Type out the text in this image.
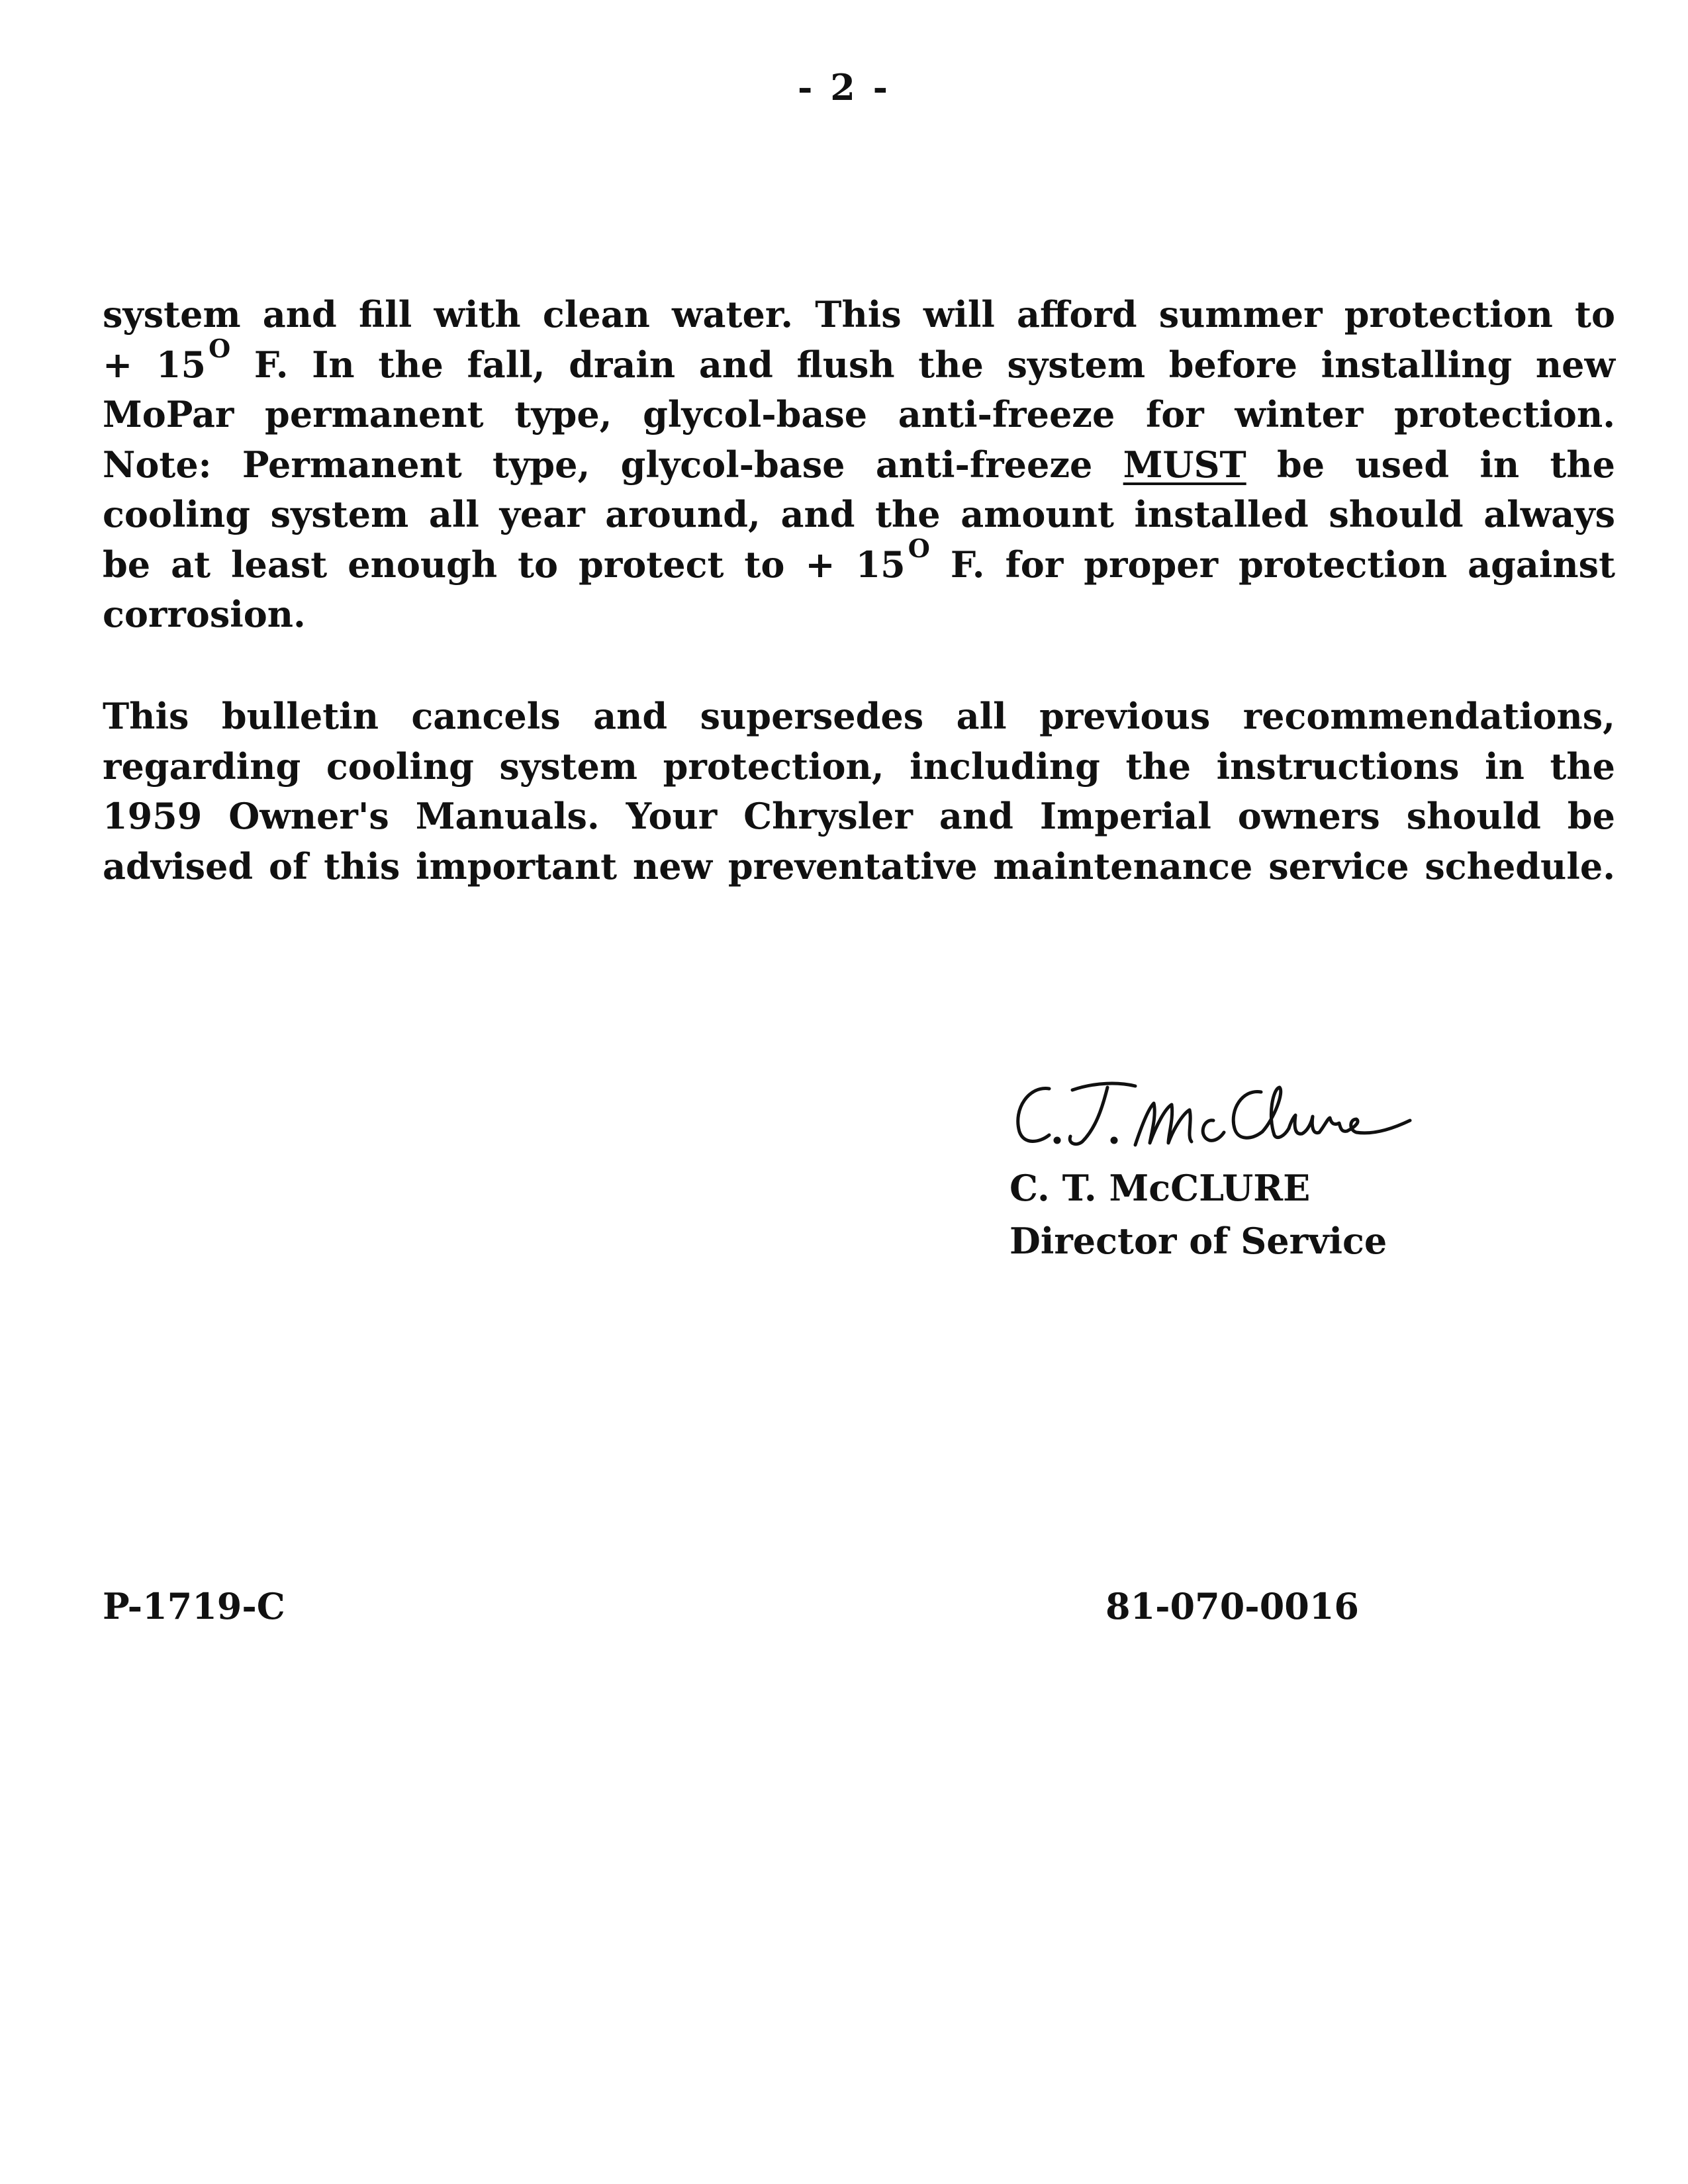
- 2 -
system and fill with clean water. This will afford summer protection to
+ 15 $^O$ F. In the fall, drain and flush the system before installing new
MoPar permanent type, glycol-base anti-freeze for winter protection.
Note: Permanent type, glycol-base anti-freeze MUST be used in the
cooling system all year around, and the amount installed should always
be at least enough to protect to + 15 $^O$ F. for proper protection against
corrosion.
This bulletin cancels and supersedes all previous recommendations,
regarding cooling system protection, including the instructions in the
1959 Owner's Manuals. Your Chrysler and Imperial owners should be
advised of this important new preventative maintenance service schedule.
C. T. McCLURE
Director of Service
P-1719-C	81-070-0016
